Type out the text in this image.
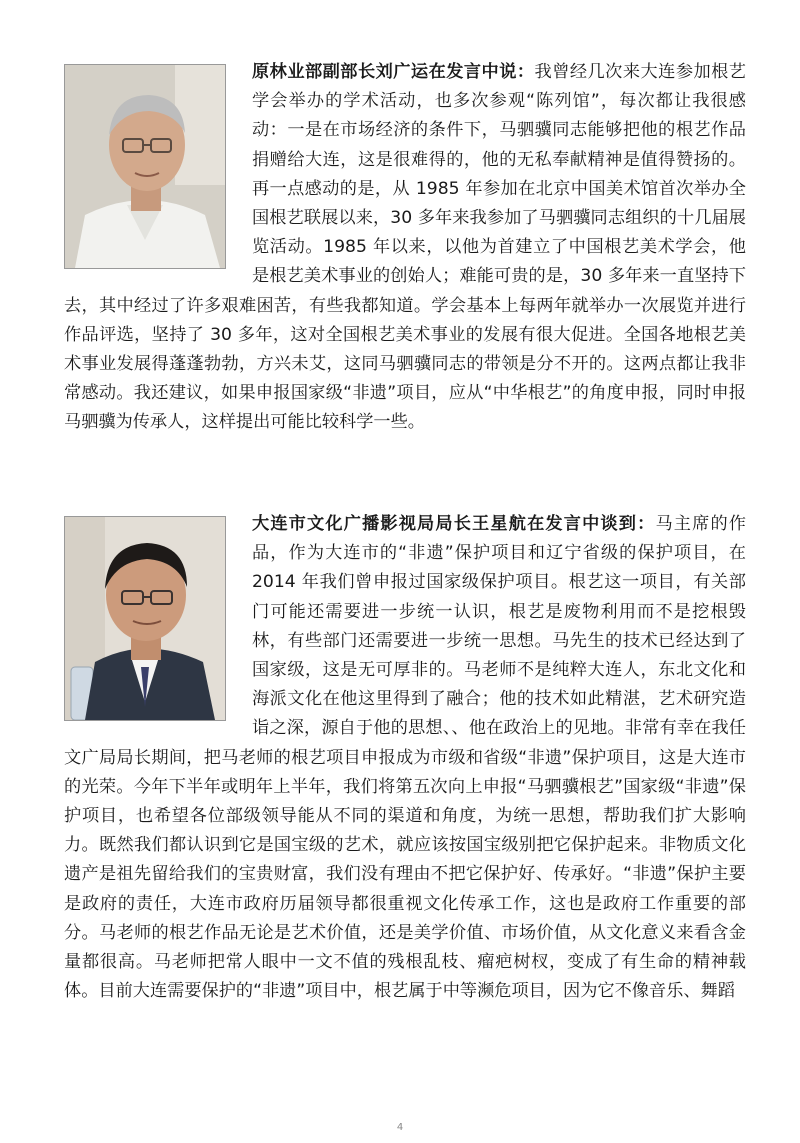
原林业部副部长刘广运在发言中说：我曾经几次来大连参加根艺学会举办的学术活动，也多次参观“陈列馆”，每次都让我很感动：一是在市场经济的条件下，马驷骥同志能够把他的根艺作品捐赠给大连，这是很难得的，他的无私奉献精神是值得赞扬的。再一点感动的是，从 1985 年参加在北京中国美术馆首次举办全国根艺联展以来，30 多年来我参加了马驷骥同志组织的十几届展览活动。1985 年以来，以他为首建立了中国根艺美术学会，他是根艺美术事业的创始人；难能可贵的是，30 多年来一直坚持下去，其中经过了许多艰难困苦，有些我都知道。学会基本上每两年就举办一次展览并进行作品评选，坚持了 30 多年，这对全国根艺美术事业的发展有很大促进。全国各地根艺美术事业发展得蓬蓬勃勃，方兴未艾，这同马驷骥同志的带领是分不开的。这两点都让我非常感动。我还建议，如果申报国家级“非遗”项目，应从“中华根艺”的角度申报，同时申报马驷骥为传承人，这样提出可能比较科学一些。

大连市文化广播影视局局长王星航在发言中谈到：马主席的作品，作为大连市的“非遗”保护项目和辽宁省级的保护项目，在 2014 年我们曾申报过国家级保护项目。根艺这一项目，有关部门可能还需要进一步统一认识，根艺是废物利用而不是挖根毁林，有些部门还需要进一步统一思想。马先生的技术已经达到了国家级，这是无可厚非的。马老师不是纯粹大连人，东北文化和海派文化在他这里得到了融合；他的技术如此精湛，艺术研究造诣之深，源自于他的思想、、他在政治上的见地。非常有幸在我任文广局局长期间，把马老师的根艺项目申报成为市级和省级“非遗”保护项目，这是大连市的光荣。今年下半年或明年上半年，我们将第五次向上申报“马驷骥根艺”国家级“非遗”保护项目，也希望各位部级领导能从不同的渠道和角度，为统一思想，帮助我们扩大影响力。既然我们都认识到它是国宝级的艺术，就应该按国宝级别把它保护起来。非物质文化遗产是祖先留给我们的宝贵财富，我们没有理由不把它保护好、传承好。“非遗”保护主要是政府的责任，大连市政府历届领导都很重视文化传承工作，这也是政府工作重要的部分。马老师的根艺作品无论是艺术价值，还是美学价值、市场价值，从文化意义来看含金量都很高。马老师把常人眼中一文不值的残根乱枝、瘤疤树杈，变成了有生命的精神载体。目前大连需要保护的“非遗”项目中，根艺属于中等濒危项目，因为它不像音乐、舞蹈

4
